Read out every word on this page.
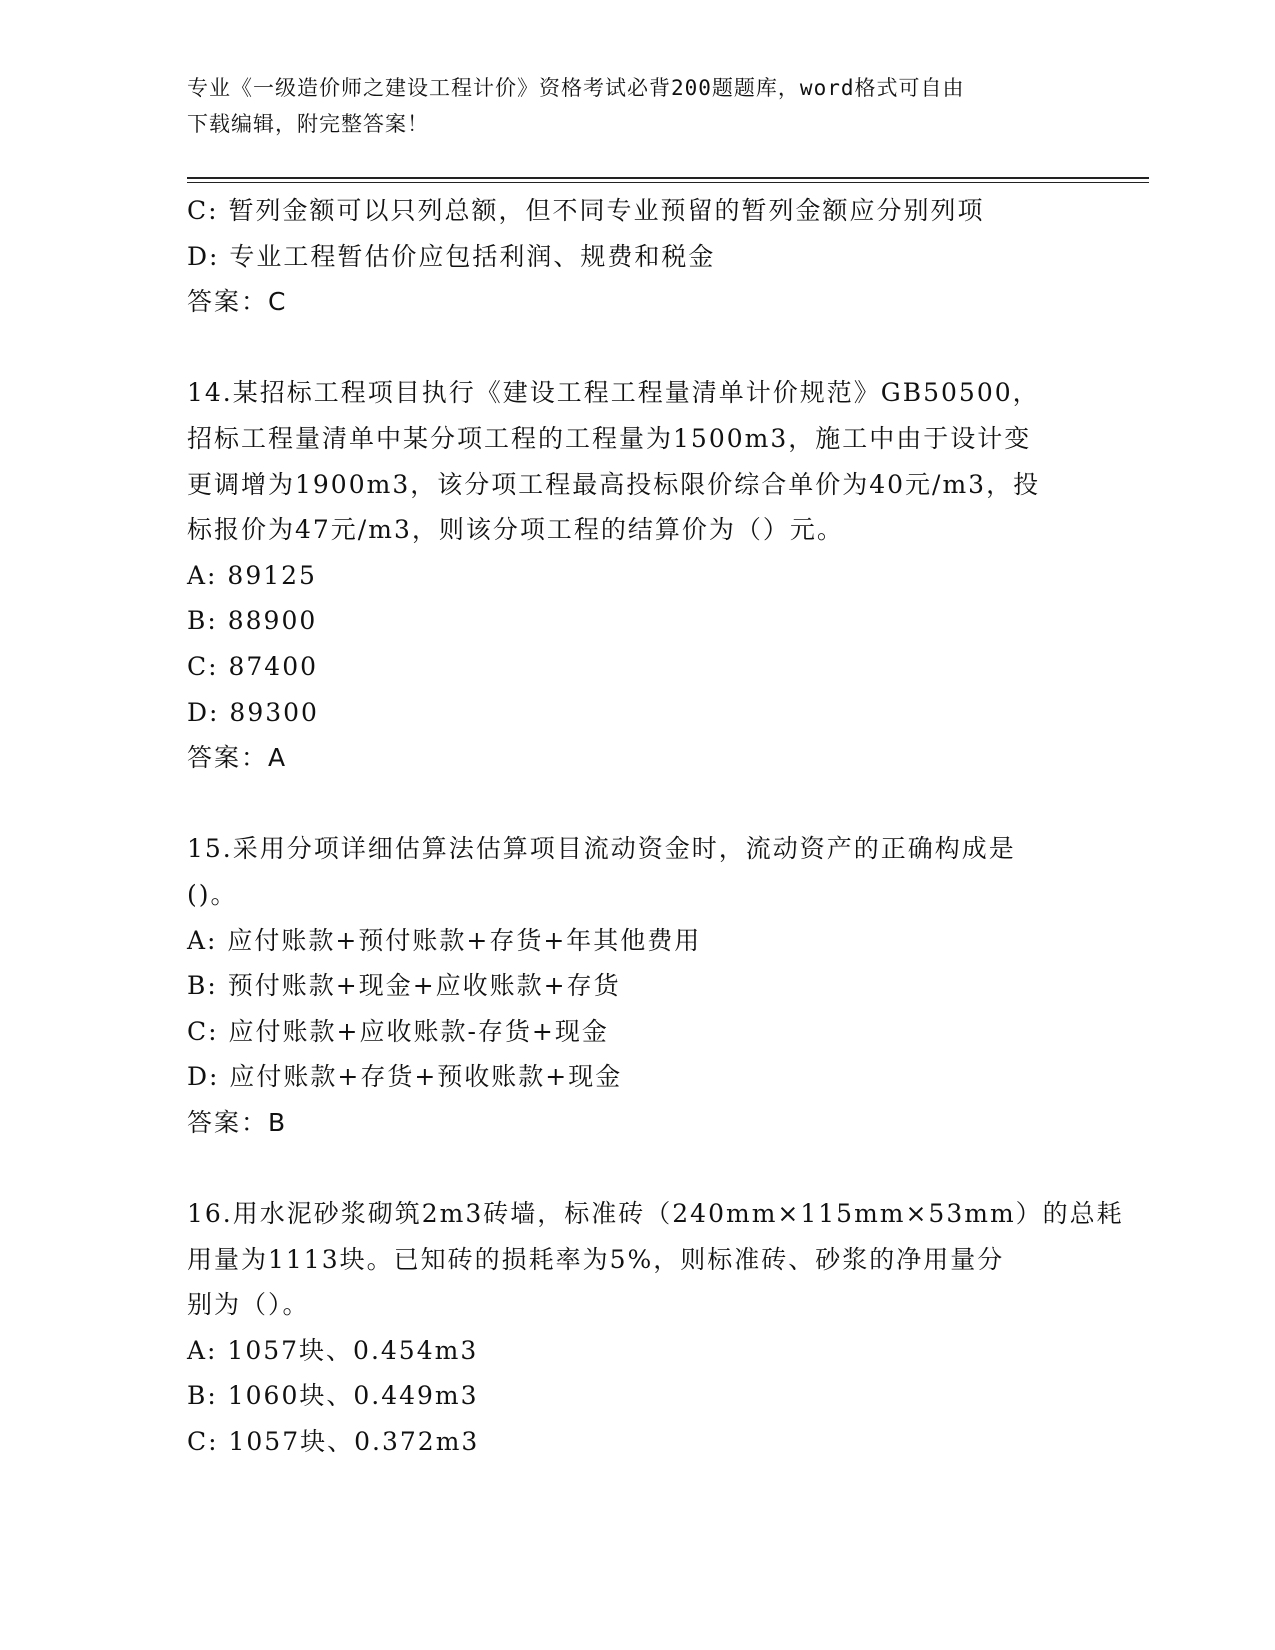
专业《一级造价师之建设工程计价》资格考试必背200题题库，word格式可自由
下载编辑，附完整答案！
C: 暂列金额可以只列总额，但不同专业预留的暂列金额应分别列项
D: 专业工程暂估价应包括利润、规费和税金
答案：C
14.某招标工程项目执行《建设工程工程量清单计价规范》GB50500，
招标工程量清单中某分项工程的工程量为1500m3，施工中由于设计变
更调增为1900m3，该分项工程最高投标限价综合单价为40元/m3，投
标报价为47元/m3，则该分项工程的结算价为（）元。
A: 89125
B: 88900
C: 87400
D: 89300
答案：A
15.采用分项详细估算法估算项目流动资金时，流动资产的正确构成是
()。
A: 应付账款+预付账款+存货+年其他费用
B: 预付账款+现金+应收账款+存货
C: 应付账款+应收账款-存货+现金
D: 应付账款+存货+预收账款+现金
答案：B
16.用水泥砂浆砌筑2m3砖墙，标准砖（240mm×115mm×53mm）的总耗
用量为1113块。已知砖的损耗率为5%，则标准砖、砂浆的净用量分
别为（）。
A: 1057块、0.454m3
B: 1060块、0.449m3
C: 1057块、0.372m3
